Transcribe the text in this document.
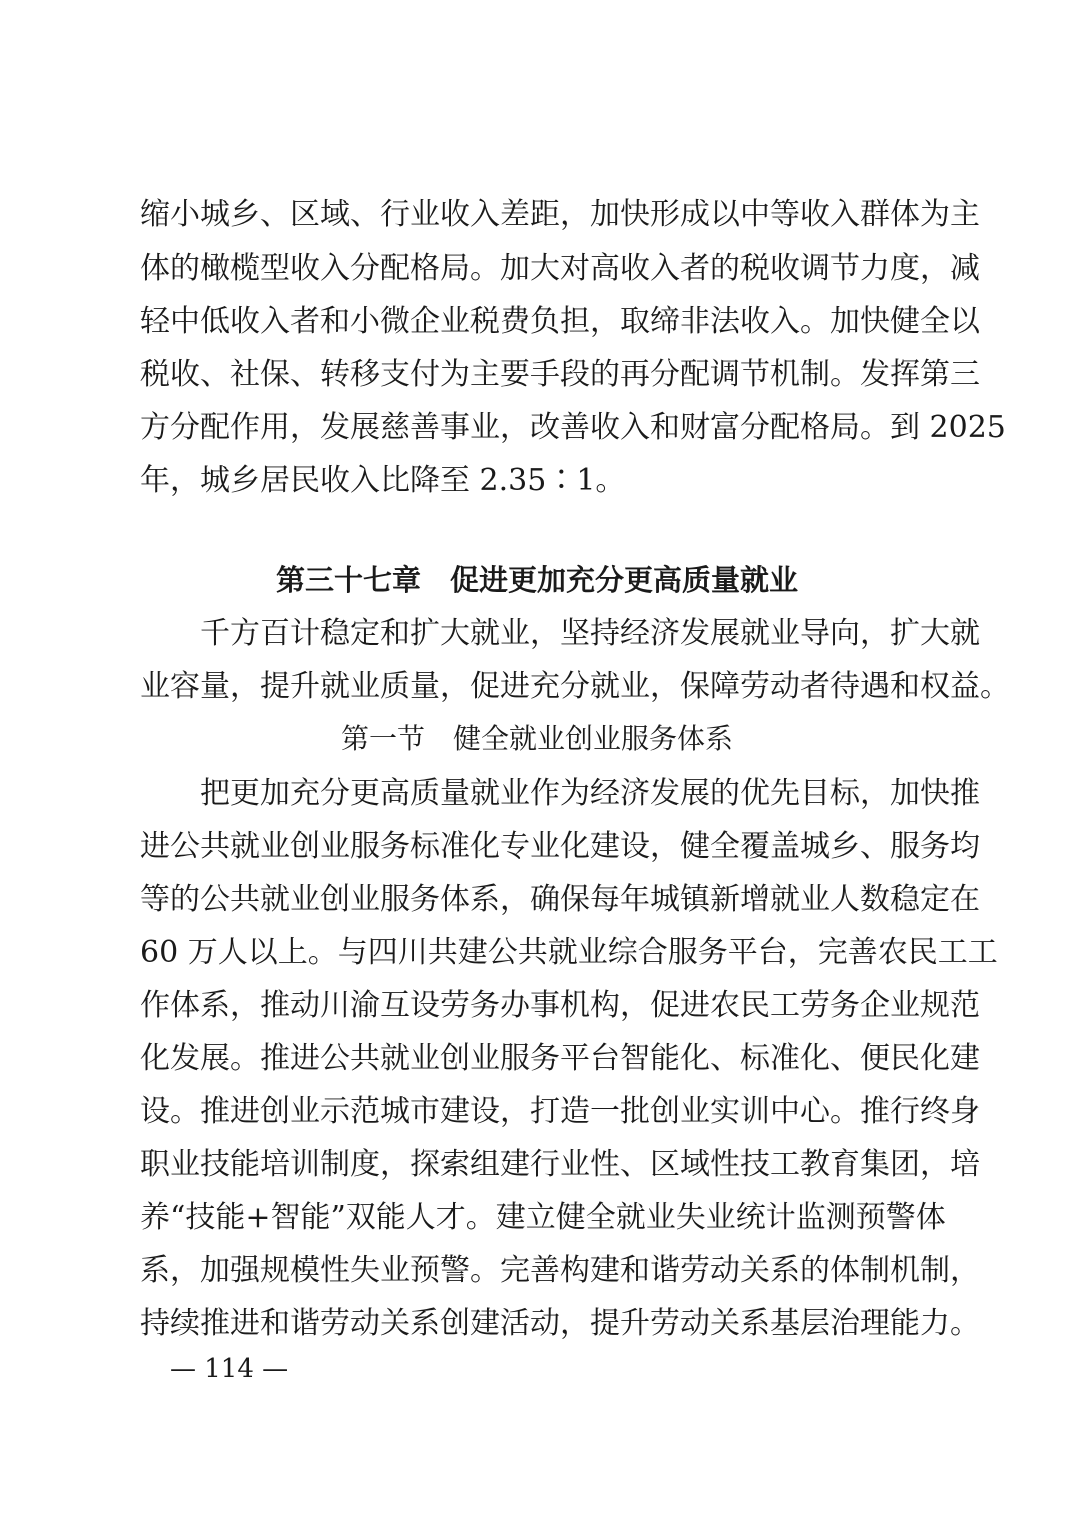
缩小城乡、区域、行业收入差距，加快形成以中等收入群体为主
体的橄榄型收入分配格局。加大对高收入者的税收调节力度，减
轻中低收入者和小微企业税费负担，取缔非法收入。加快健全以
税收、社保、转移支付为主要手段的再分配调节机制。发挥第三
方分配作用，发展慈善事业，改善收入和财富分配格局。到 2025
年，城乡居民收入比降至 2.35∶1。
第三十七章　促进更加充分更高质量就业
千方百计稳定和扩大就业，坚持经济发展就业导向，扩大就
业容量，提升就业质量，促进充分就业，保障劳动者待遇和权益。
第一节　健全就业创业服务体系
把更加充分更高质量就业作为经济发展的优先目标，加快推
进公共就业创业服务标准化专业化建设，健全覆盖城乡、服务均
等的公共就业创业服务体系，确保每年城镇新增就业人数稳定在
60 万人以上。与四川共建公共就业综合服务平台，完善农民工工
作体系，推动川渝互设劳务办事机构，促进农民工劳务企业规范
化发展。推进公共就业创业服务平台智能化、标准化、便民化建
设。推进创业示范城市建设，打造一批创业实训中心。推行终身
职业技能培训制度，探索组建行业性、区域性技工教育集团，培
养“技能+智能”双能人才。建立健全就业失业统计监测预警体
系，加强规模性失业预警。完善构建和谐劳动关系的体制机制，
持续推进和谐劳动关系创建活动，提升劳动关系基层治理能力。
— 114 —
